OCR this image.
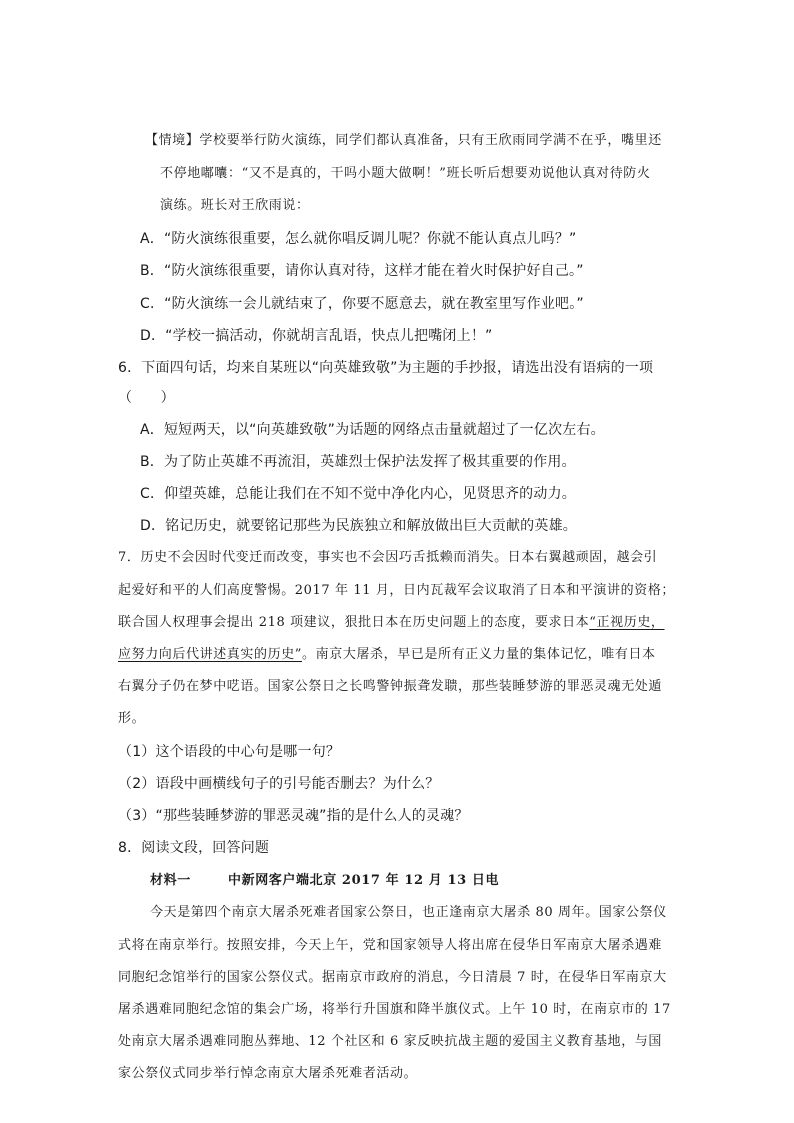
【情境】学校要举行防火演练，同学们都认真准备，只有王欣雨同学满不在乎，嘴里还
不停地嘟囔：“又不是真的，干吗小题大做啊！”班长听后想要劝说他认真对待防火
演练。班长对王欣雨说：
A．“防火演练很重要，怎么就你唱反调儿呢？你就不能认真点儿吗？”
B．“防火演练很重要，请你认真对待，这样才能在着火时保护好自己。”
C．“防火演练一会儿就结束了，你要不愿意去，就在教室里写作业吧。”
D．“学校一搞活动，你就胡言乱语，快点儿把嘴闭上！”
6．下面四句话，均来自某班以“向英雄致敬”为主题的手抄报，请选出没有语病的一项
（　　）
A．短短两天，以“向英雄致敬”为话题的网络点击量就超过了一亿次左右。
B．为了防止英雄不再流泪，英雄烈士保护法发挥了极其重要的作用。
C．仰望英雄，总能让我们在不知不觉中净化内心，见贤思齐的动力。
D．铭记历史，就要铭记那些为民族独立和解放做出巨大贡献的英雄。
7．历史不会因时代变迁而改变，事实也不会因巧舌抵赖而消失。日本右翼越顽固，越会引
起爱好和平的人们高度警惕。2017 年 11 月，日内瓦裁军会议取消了日本和平演讲的资格；
联合国人权理事会提出 218 项建议，狠批日本在历史问题上的态度，要求日本“正视历史，
应努力向后代讲述真实的历史”。南京大屠杀，早已是所有正义力量的集体记忆，唯有日本
右翼分子仍在梦中呓语。国家公祭日之长鸣警钟振聋发聩，那些装睡梦游的罪恶灵魂无处遁
形。
（1）这个语段的中心句是哪一句？
（2）语段中画横线句子的引号能否删去？为什么？
（3）“那些装睡梦游的罪恶灵魂”指的是什么人的灵魂？
8．阅读文段，回答问题
材料一	中新网客户端北京 2017 年 12 月 13 日电
今天是第四个南京大屠杀死难者国家公祭日，也正逢南京大屠杀 80 周年。国家公祭仪
式将在南京举行。按照安排，今天上午，党和国家领导人将出席在侵华日军南京大屠杀遇难
同胞纪念馆举行的国家公祭仪式。据南京市政府的消息，今日清晨 7 时，在侵华日军南京大
屠杀遇难同胞纪念馆的集会广场，将举行升国旗和降半旗仪式。上午 10 时，在南京市的 17
处南京大屠杀遇难同胞丛葬地、12 个社区和 6 家反映抗战主题的爱国主义教育基地，与国
家公祭仪式同步举行悼念南京大屠杀死难者活动。
